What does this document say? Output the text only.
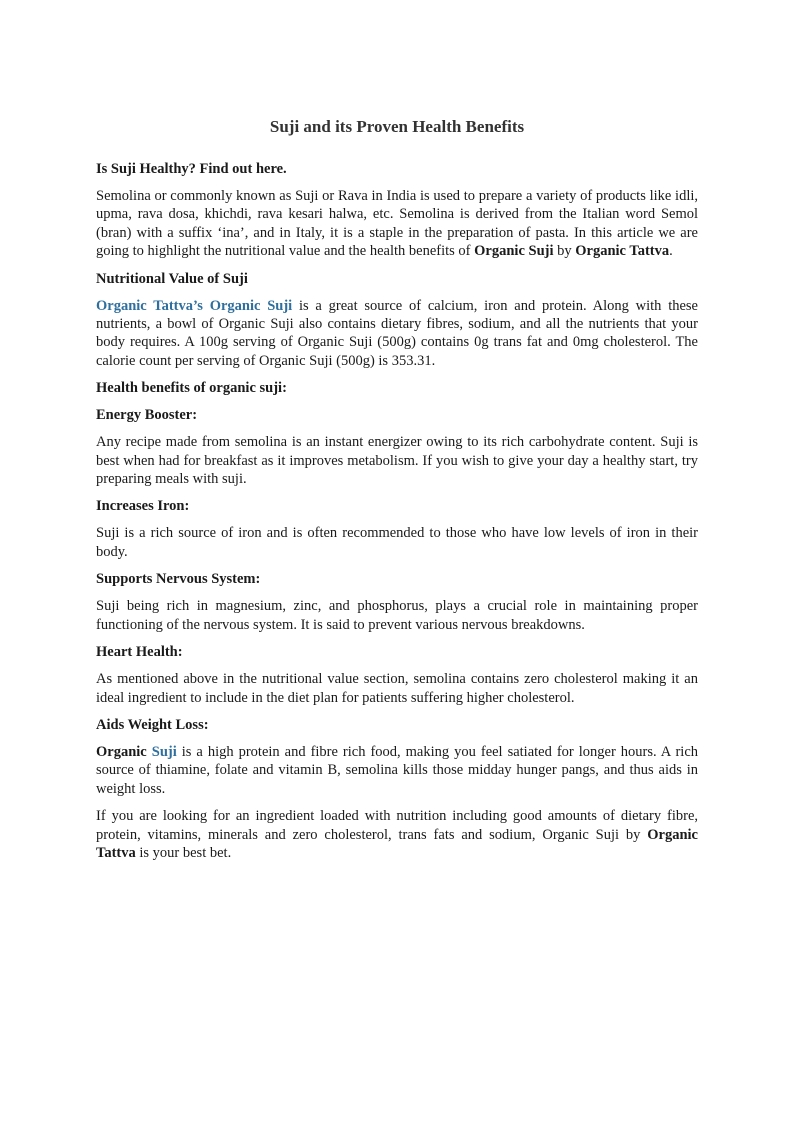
Suji and its Proven Health Benefits
Is Suji Healthy? Find out here.

Semolina or commonly known as Suji or Rava in India is used to prepare a variety of products like idli, upma, rava dosa, khichdi, rava kesari halwa, etc. Semolina is derived from the Italian word Semol (bran) with a suffix ‘ina’, and in Italy, it is a staple in the preparation of pasta. In this article we are going to highlight the nutritional value and the health benefits of Organic Suji by Organic Tattva.

Nutritional Value of Suji

Organic Tattva’s Organic Suji is a great source of calcium, iron and protein. Along with these nutrients, a bowl of Organic Suji also contains dietary fibres, sodium, and all the nutrients that your body requires. A 100g serving of Organic Suji (500g) contains 0g trans fat and 0mg cholesterol. The calorie count per serving of Organic Suji (500g) is 353.31.

Health benefits of organic suji:
Energy Booster:

Any recipe made from semolina is an instant energizer owing to its rich carbohydrate content. Suji is best when had for breakfast as it improves metabolism. If you wish to give your day a healthy start, try preparing meals with suji.

Increases Iron:

Suji is a rich source of iron and is often recommended to those who have low levels of iron in their body.

Supports Nervous System:

Suji being rich in magnesium, zinc, and phosphorus, plays a crucial role in maintaining proper functioning of the nervous system. It is said to prevent various nervous breakdowns.

Heart Health:

As mentioned above in the nutritional value section, semolina contains zero cholesterol making it an ideal ingredient to include in the diet plan for patients suffering higher cholesterol.

Aids Weight Loss:

Organic Suji is a high protein and fibre rich food, making you feel satiated for longer hours. A rich source of thiamine, folate and vitamin B, semolina kills those midday hunger pangs, and thus aids in weight loss.

If you are looking for an ingredient loaded with nutrition including good amounts of dietary fibre, protein, vitamins, minerals and zero cholesterol, trans fats and sodium, Organic Suji by Organic Tattva is your best bet.
